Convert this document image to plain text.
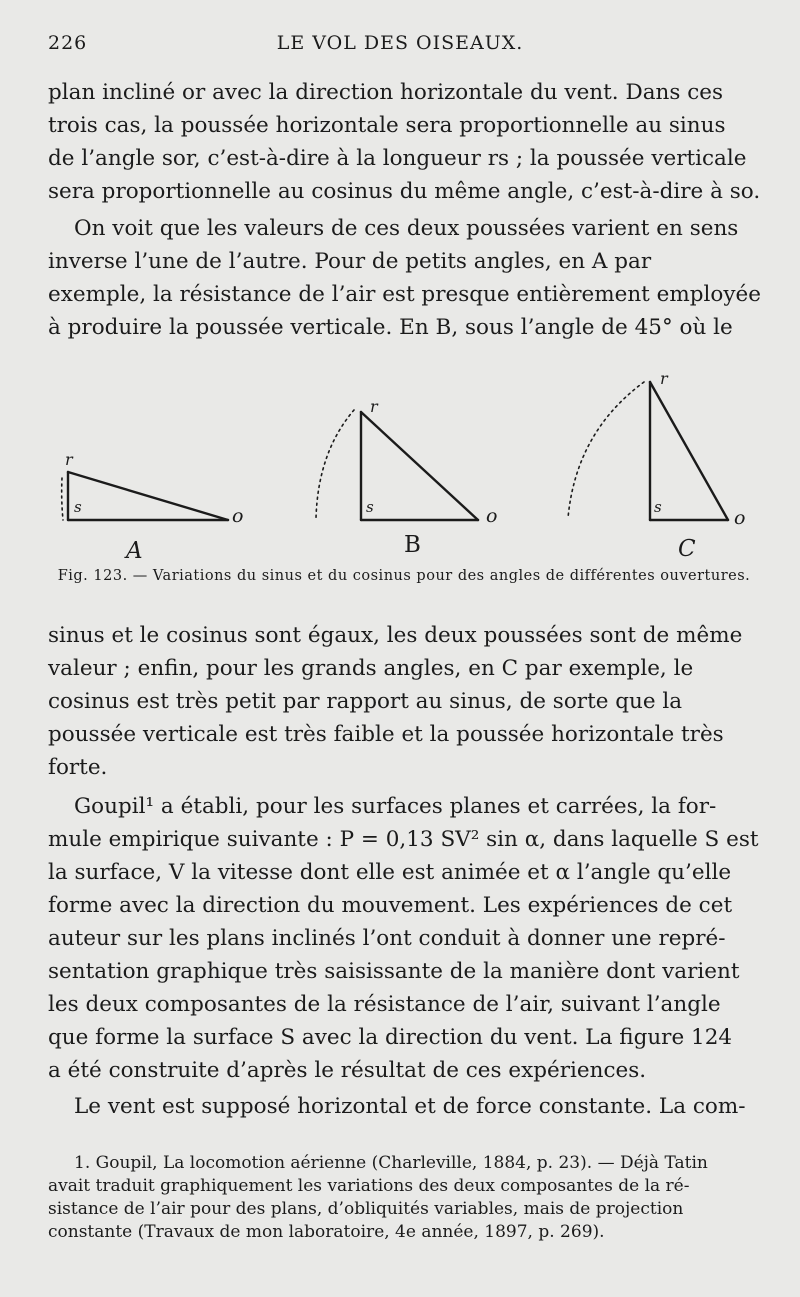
226	LE VOL DES OISEAUX.

plan incliné or avec la direction horizontale du vent. Dans ces
trois cas, la poussée horizontale sera proportionnelle au sinus
de l’angle sor, c’est-à-dire à la longueur rs ; la poussée verticale
sera proportionnelle au cosinus du même angle, c’est-à-dire à so.

On voit que les valeurs de ces deux poussées varient en sens
inverse l’une de l’autre. Pour de petits angles, en A par
exemple, la résistance de l’air est presque entièrement employée
à produire la poussée verticale. En B, sous l’angle de 45° où le

r
s	o
A
r
s	o
B
r
s	o
C
Fig. 123. — Variations du sinus et du cosinus pour des angles de différentes ouvertures.

sinus et le cosinus sont égaux, les deux poussées sont de même
valeur ; enfin, pour les grands angles, en C par exemple, le
cosinus est très petit par rapport au sinus, de sorte que la
poussée verticale est très faible et la poussée horizontale très
forte.

Goupil¹ a établi, pour les surfaces planes et carrées, la for-
mule empirique suivante : P = 0,13 SV² sin α, dans laquelle S est
la surface, V la vitesse dont elle est animée et α l’angle qu’elle
forme avec la direction du mouvement. Les expériences de cet
auteur sur les plans inclinés l’ont conduit à donner une repré-
sentation graphique très saisissante de la manière dont varient
les deux composantes de la résistance de l’air, suivant l’angle
que forme la surface S avec la direction du vent. La figure 124
a été construite d’après le résultat de ces expériences.

Le vent est supposé horizontal et de force constante. La com-

1. Goupil, La locomotion aérienne (Charleville, 1884, p. 23). — Déjà Tatin
avait traduit graphiquement les variations des deux composantes de la ré-
sistance de l’air pour des plans, d’obliquités variables, mais de projection
constante (Travaux de mon laboratoire, 4e année, 1897, p. 269).
